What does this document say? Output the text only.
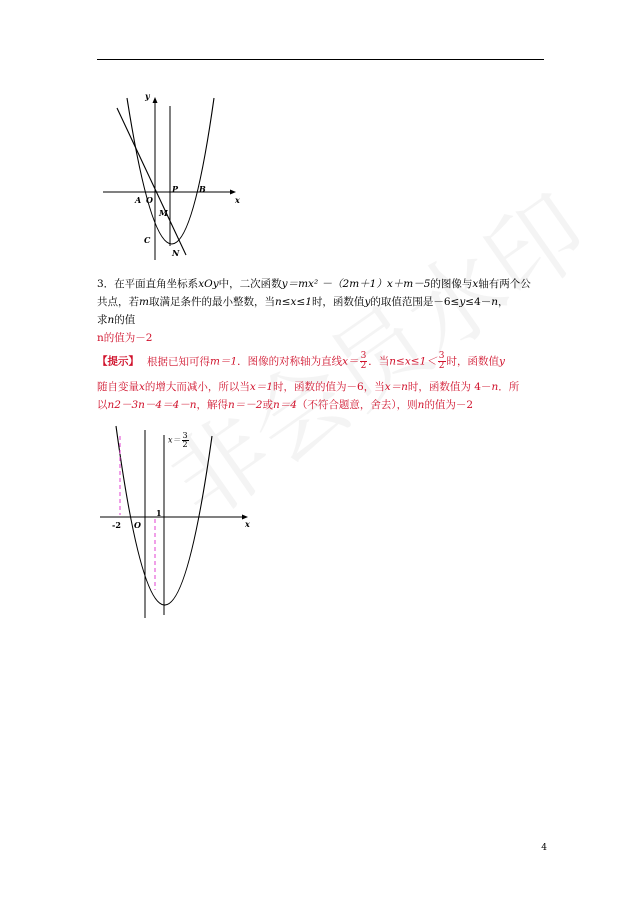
y
x
P	B
A O
M
C
N
3．在平面直角坐标系xOy中，二次函数y＝mx² －（2m＋1）x＋m－5的图像与x轴有两个公
共点，若m取满足条件的最小整数，当n≤x≤1时，函数值y的取值范围是－6≤y≤4－n，
求n的值
n的值为－2
【提示】 根据已知可得m＝1．图像的对称轴为直线$x= \frac{3}{2}$ ．当$n\le x\le 1< \frac{3}{2}$ 时，函数值y
随自变量x的增大而减小，所以当x＝1时，函数的值为－6，当x＝n时，函数值为 4－n．所
以n2－3n－4＝4－n，解得n＝－2或n＝4（不符合题意，舍去），则n的值为－2
$x= \frac{3}{2}$
x
-2 O
1
4
